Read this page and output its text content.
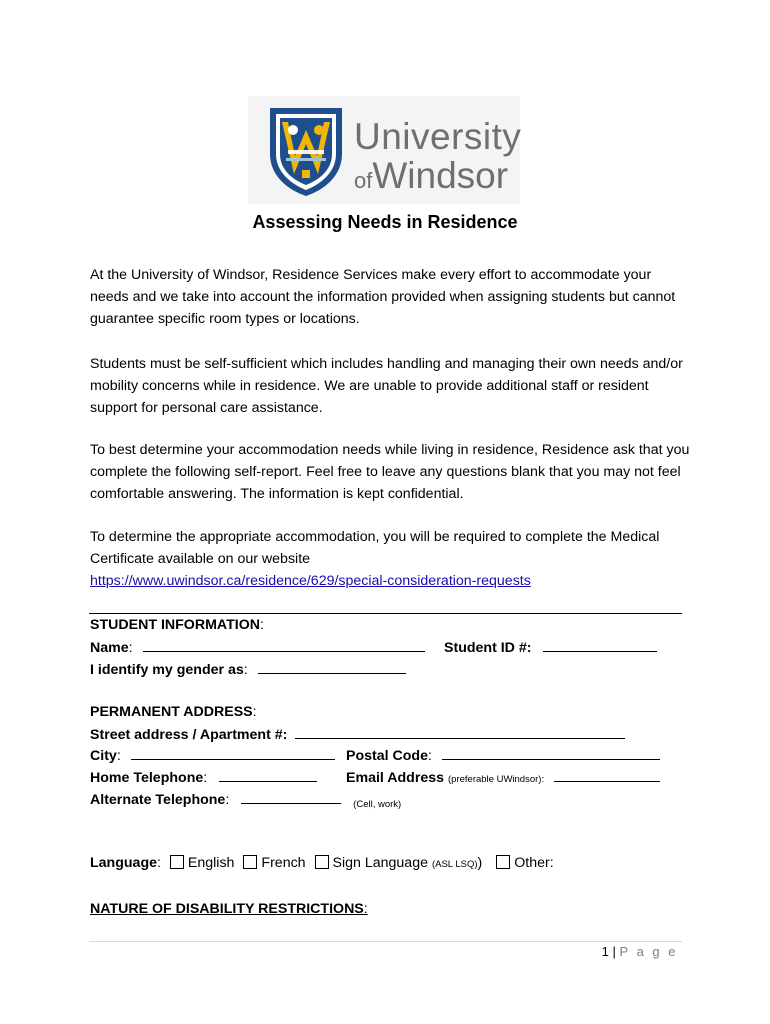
University
ofWindsor
Assessing Needs in Residence
At the University of Windsor, Residence Services make every effort to accommodate your needs and we take into account the information provided when assigning students but cannot guarantee specific room types or locations.
Students must be self-sufficient which includes handling and managing their own needs and/or mobility concerns while in residence. We are unable to provide additional staff or resident support for personal care assistance.
To best determine your accommodation needs while living in residence, Residence ask that you complete the following self-report. Feel free to leave any questions blank that you may not feel comfortable answering. The information is kept confidential.
To determine the appropriate accommodation, you will be required to complete the Medical Certificate available on our website
https://www.uwindsor.ca/residence/629/special-consideration-requests
STUDENT INFORMATION:
Name:	Student ID #:
I identify my gender as:
PERMANENT ADDRESS:
Street address / Apartment #:
City:	Postal Code:
Home Telephone:	Email Address (preferable UWindsor):
Alternate Telephone:	$_{(Cell, work)}$
Language: English French Sign Language (ASL LSQ)) Other:
NATURE OF DISABILITY RESTRICTIONS:
1 | P a g e
